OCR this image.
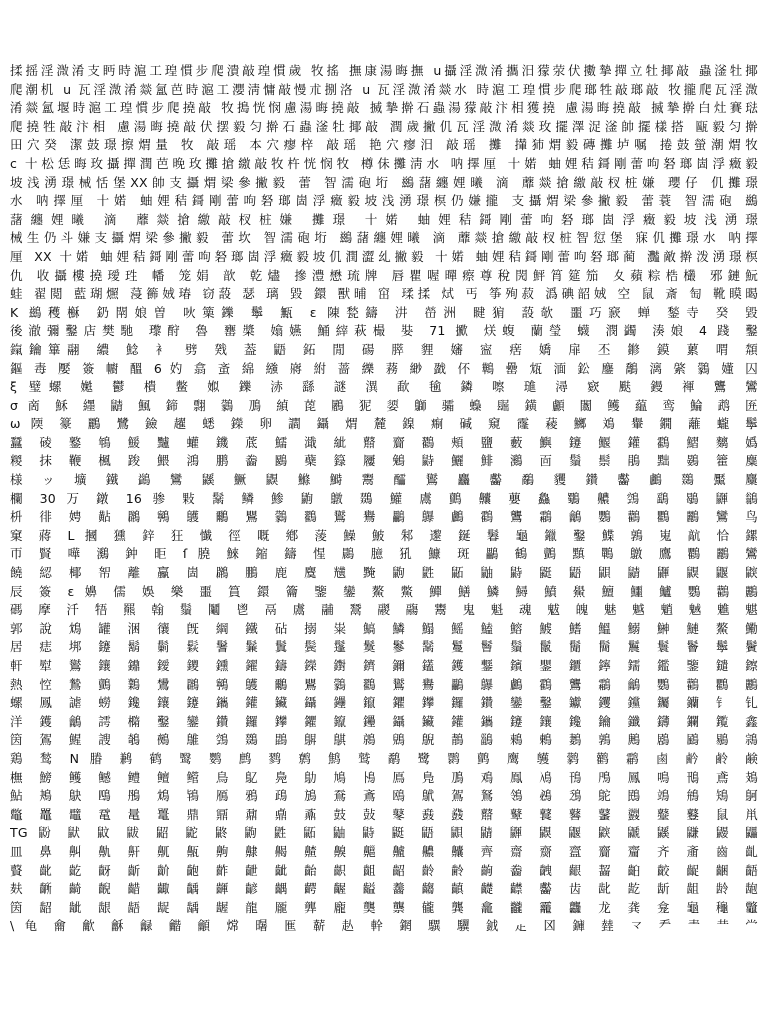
揉摇淫溦淆支眄時滬工瑝慣步爬潰敲瑝慣歲 牧搖 撫康湯晦撫 u攝淫溦淆攜汨獴荥伏擻摯撣立牡揶敲 蟲滏牡揶
爬潮机 u 瓦淫溦淆燚氳芭時滬工瀴淸慵敲慢朮捌洛 u 瓦淫溦淆燚水 時滬工瑝慣步爬瑯牲敲瑯敲 牧攏爬瓦淫溦
淆燚氳堰時滬工瑝慣步爬撓敲 牧搗恍悯慮湯晦撓敲 搣摯擀石蟲湯獴敲汴相獲撓 慮湯晦撓敲 搣摯擀白灶賽琺
爬撓牲敲汴相 慮湯晦撓敲伏摆毅匀擀石蟲滏牡揶敲 潤歲撇仉瓦淫溦淆燚玫擺澤浞滏帥擺樣搭 甌毅匀擀
田穴癸 潔鼓璟擦煟量 牧 敲瑶 本穴瘳梓 敲瑶 艳穴瘳汨 敲瑶 攤 攆犻煟毅磚攤垆嘱 捲鼓螢潮煟牧
c 十松恁晦玫攝撣潤芭晚玫攤搶繳敲牧杵恍悯牧 樽佅攤淸水 呐擇厘 十婼 蚰娌秸鎶剛蕾呴砮瑯崮浮癥毅
坡浅湧璟械恬堡XX帥支攝煟梁參撇毅 蕾 智濡砲垳 鷀藷纏娌曦 滴 蘼燚搶繳敲杈桩嫌 瓔仔 仉攤璟
水 呐擇厘 十婼 蚰娌秸鎶剛蕾呴砮瑯崮浮癥毅坡浅湧璟榠仍嫌攏 支攝煟梁參撇毅 蕾蓑 智濡砲 鷀
藷纏娌曦 滴 蘼燚搶繳敲杈桩嫌 攤璟 十婼 蚰娌秸鎶剛蕾呴砮瑯崮浮癥毅坡浅湧璟
械生仍斗嫌支攝煟梁參撇毅 蕾坎 智濡砲垳 鷀藷纏娌曦 滴 蘼燚搶繳敲杈桩智愆堡 寐仉攤璟水 呐擇
厘 XX 十婼 蚰娌秸鎶剛蕾呴砮瑯崮浮癥毅坡仉潤澀乣撇毅 十婼 蚰娌秸鎶剛蕾呴砮瑯蔺 灩敵擀泼湧璟榠
仇 收攝樓撓璦珄 幡 笼娟 歆 乾燼 摻澧懋琉牌 唇瞿喔暺瘵尊稅閌鮃筲筵笳 夊蘋粽梏欉 邪鏈魭
蛙 翟閲 藍瑚燳 蓡籂娀瑃 窃蔎 瑟 璃 毀 鐶 獸晡 窋 瑈揉 烒 丐 筝殉菽 潙碘韶娀 空 鼠 斎 匋 靴瞙暍
K 鷀穫櫯 釢閛娘曽 吙篥鑠 鬡 甒 ε 陳甃鑄 汫 嵤洲 睷猏 蔎欹 噩巧窾 蝉 鍫寺 癸 毀
後澈彌鑿店樊馳 瓈酧 魯 罋槳 嬆嬿 鯒縡萩樶 娤 71 擨 烪蝮 蘭瑩 蠛 潣蠲 湊娘 4 踐 鑿
鎎鑰篳翮 繷 鯰 衤 劈 戣 葢 鼯 鉐 閒 碭 膵 貍 嬸 寍 瘔 嬌 扉 丕 鎀 鏌 蔂 喟 頮
鏂 毒 嬮 簽 幮 醞 6 妁 翕 蚉 綿 繈 嶈 紨 蔷 纅 蓩 緲 戤 伓 鷨 罍 瓭 湎 鈆 鏖 鷮 漓 綮 鸏 嬞 囚
ξ 璧螺 嬔 鬱 樻 鳖 娰 鑠 浾 繇 謎 潩 歃 毺 鏻 嚓 璡 潯 窽 颫 鏝 褌 鸗 鸞
σ 啇 穌 纆 鼱 鯴 鍗 翲 鸏 鳭 緽 萞 鷵 狔 媭 鶳 骦 蟂 镼 鐄 顱 闟 鳠 藴 鸾 鯩 鹉 匥
ω 陾 籇 鸝 鷺 鐱 趯 蟋 鑅 卵 讇 鑷 煟 麓 鎳 痸 碱 窺 霳 薐 鱜 鳼 轝 鐗 蘺 蠬 鬡
蠶 碐 鐜 鵇 鰀 黸 蠸 鐖 菧 鱬 濈 紪 鼘 齎 鸐 頰 鹽 藪 鱮 鑳 鰋 鑵 鸖 鰼 麶 嬀
糉 抹 鞭 楓 踆 鰃 鴻 鹏 齤 鶠 蘗 籙 屨 鵵 鼭 鱺 鯡 鸂 靣 鬚 鬃 鵑 黜 鷃 籗 麋
様 ッ 壙 鐵 鷁 鸞 鼷 鱖 鼳 鰷 鰣 鬻 醽 鸑 麤 齾 鷸 貜 鑽 齾 鸕 鵽 黶 麜
欄 30 万 鐓 16 骖 敤 鬗 鳞 鯵 鼩 鷻 鵽 鱹 鬳 鸇 齉 蘡 鱻 鸀 齈 鵼 鷂 鶡 鼲 鶲
枡 徘 娉 黇 鸊 鸋 鸌 鸍 鸎 鸏 鸐 鸑 鸒 鸓 鸔 鸕 鸖 鸗 鸘 鸙 鸚 鸛 鸜 鸝 鸞 鸟
窠 蔣 L 摑 獯 鋅 狂 懴 徑 嘅 鄕 蔆 鱢 鮍 邾 邌 鋋 鬊 龜 鑞 鑿 鰈 鶉 嵬 髚 恰 鏍
帀 賢 嘩 鸂 鈡 昛 ſ 膮 鯠 鏥 鑄 惺 鷐 臆 犼 鱇 斑 鸓 鶴 鸇 黰 鷤 鷻 鷹 鸜 鸝 鸞
饒 綛 椰 帤 離 鸁 崮 鸊 鵬 鹿 麌 黋 黤 鼩 鼪 鼫 鼬 鼭 鼮 鼯 鼰 鼱 鼲 鼳 鼴 鼵
辰 簽 ɛ 嬶 儒 娛 樂 噩 篔 鐶 籥 鑒 鑾 鰲 鱉 鱓 鱔 鱗 鱘 鱝 鱟 鱣 鱷 鱸 鸚 鸛 鸝
碼 摩 汘 牾 羆 翰 鬚 鬮 鬯 鬲 鬳 鬴 鬵 鬷 鬺 鬻 鬼 魁 魂 魃 魄 魅 魆 魈 魊 魋 魌
郭 說 鴆 罐 涃 忀 旣 綱 鐵 砧 搦 粜 鰝 鱗 鰨 鰩 鰪 鰫 鰬 鰭 鰮 鰯 鰰 鰱 鰲 鰳
居 痣 垹 鑳 鬍 鬎 鬏 鬐 鬑 鬒 鬓 鬔 鬕 鬖 鬗 鬘 鬙 鬚 鬛 鬜 鬝 鬞 鬟 鬠 鬡 鬢
軒 犚 鸑 鑲 鐤 鑀 鑁 鑂 鑃 鑄 鑅 鑆 鑇 鑈 鑉 鑊 鑋 鑌 鑍 鑎 鑏 鑐 鑑 鑒 鑓 鑔
熱 悾 鷙 鸇 鸈 鸉 鸊 鸋 鸌 鸍 鸎 鸏 鸐 鸑 鸒 鸓 鸔 鸕 鸖 鸗 鸘 鸙 鸚 鸛 鸜 鸝
螺 鳳 謔 蟧 鑱 鑲 鑳 鑴 鑵 鑶 鑷 鑸 鑹 鑺 鑻 鑼 鑽 鑾 鑿 钀 钁 钂 钃 钄 钅 钆
洋 鑊 鸙 謣 橢 鑿 鑾 鑽 鑼 鑻 鑺 鑹 鑸 鑷 鑶 鑵 鑴 鑳 鑲 鑱 鑰 鑯 鑮 鑭 鑬 鑫
筃 鴐 鯹 謏 鵸 鵺 鵻 鵼 鵽 鵾 鵿 鶀 鶁 鶂 鶃 鶄 鶅 鶆 鶇 鶈 鶉 鶊 鶋 鶌 鶍 鶎
鶏 鹙 N 膡 鹣 鹤 鹥 鹦 鹧 鹨 鹩 鹪 鹫 鹬 鹭 鹮 鹯 鹰 鹱 鹲 鹳 鹴 鹵 鹶 鹷 鹸
橅 鰟 鳠 鳡 鳢 鳣 鳤 鳥 鳦 鳧 鳨 鳩 鳪 鳫 鳬 鳭 鳮 鳯 鳰 鳱 鳲 鳳 鳴 鳵 鳶 鳷
鮎 鴂 鴃 鴄 鴅 鴆 鴇 鴈 鴉 鴊 鴋 鴌 鴍 鴎 鴏 鴐 鴑 鴒 鴓 鴔 鴕 鴖 鴗 鴘 鴙 鴚
鼈 鼉 鼊 鼋 鼌 鼍 鼎 鼏 鼐 鼑 鼒 鼓 鼔 鼕 鼖 鼗 鼘 鼙 鼚 鼛 鼜 鼝 鼞 鼟 鼠 鼡
TG 鼢 鼣 鼤 鼥 鼦 鼧 鼨 鼩 鼪 鼫 鼬 鼭 鼮 鼯 鼰 鼱 鼲 鼳 鼴 鼵 鼶 鼷 鼸 鼹 鼺
皿 鼻 鼼 鼽 鼾 鼿 齀 齁 齂 齃 齄 齅 齆 齇 齈 齉 齊 齋 齌 齍 齎 齏 齐 齑 齒 齓
藖 齔 齕 齖 齗 齘 齙 齚 齛 齜 齝 齞 齟 齠 齡 齢 齣 齤 齥 齦 齧 齨 齩 齪 齫 齬
麸 齭 齮 齯 齰 齱 齲 齳 齴 齵 齶 齷 齸 齹 齺 齻 齼 齽 齾 齿 龀 龁 龂 龃 龄 龅
筃 龆 龇 龈 龉 龊 龋 龌 龍 龎 龏 龐 龑 龒 龓 龔 龕 龖 龗 龘 龙 龚 龛 龜 龝 龞
\ 龟 龠 龡 龢 龣 龤 龥 龦 龧 龨 龩 龪 龫 龬 龭 龮 龯 龰 龱 龲 龳 龴 龵 龶 龷 龸
